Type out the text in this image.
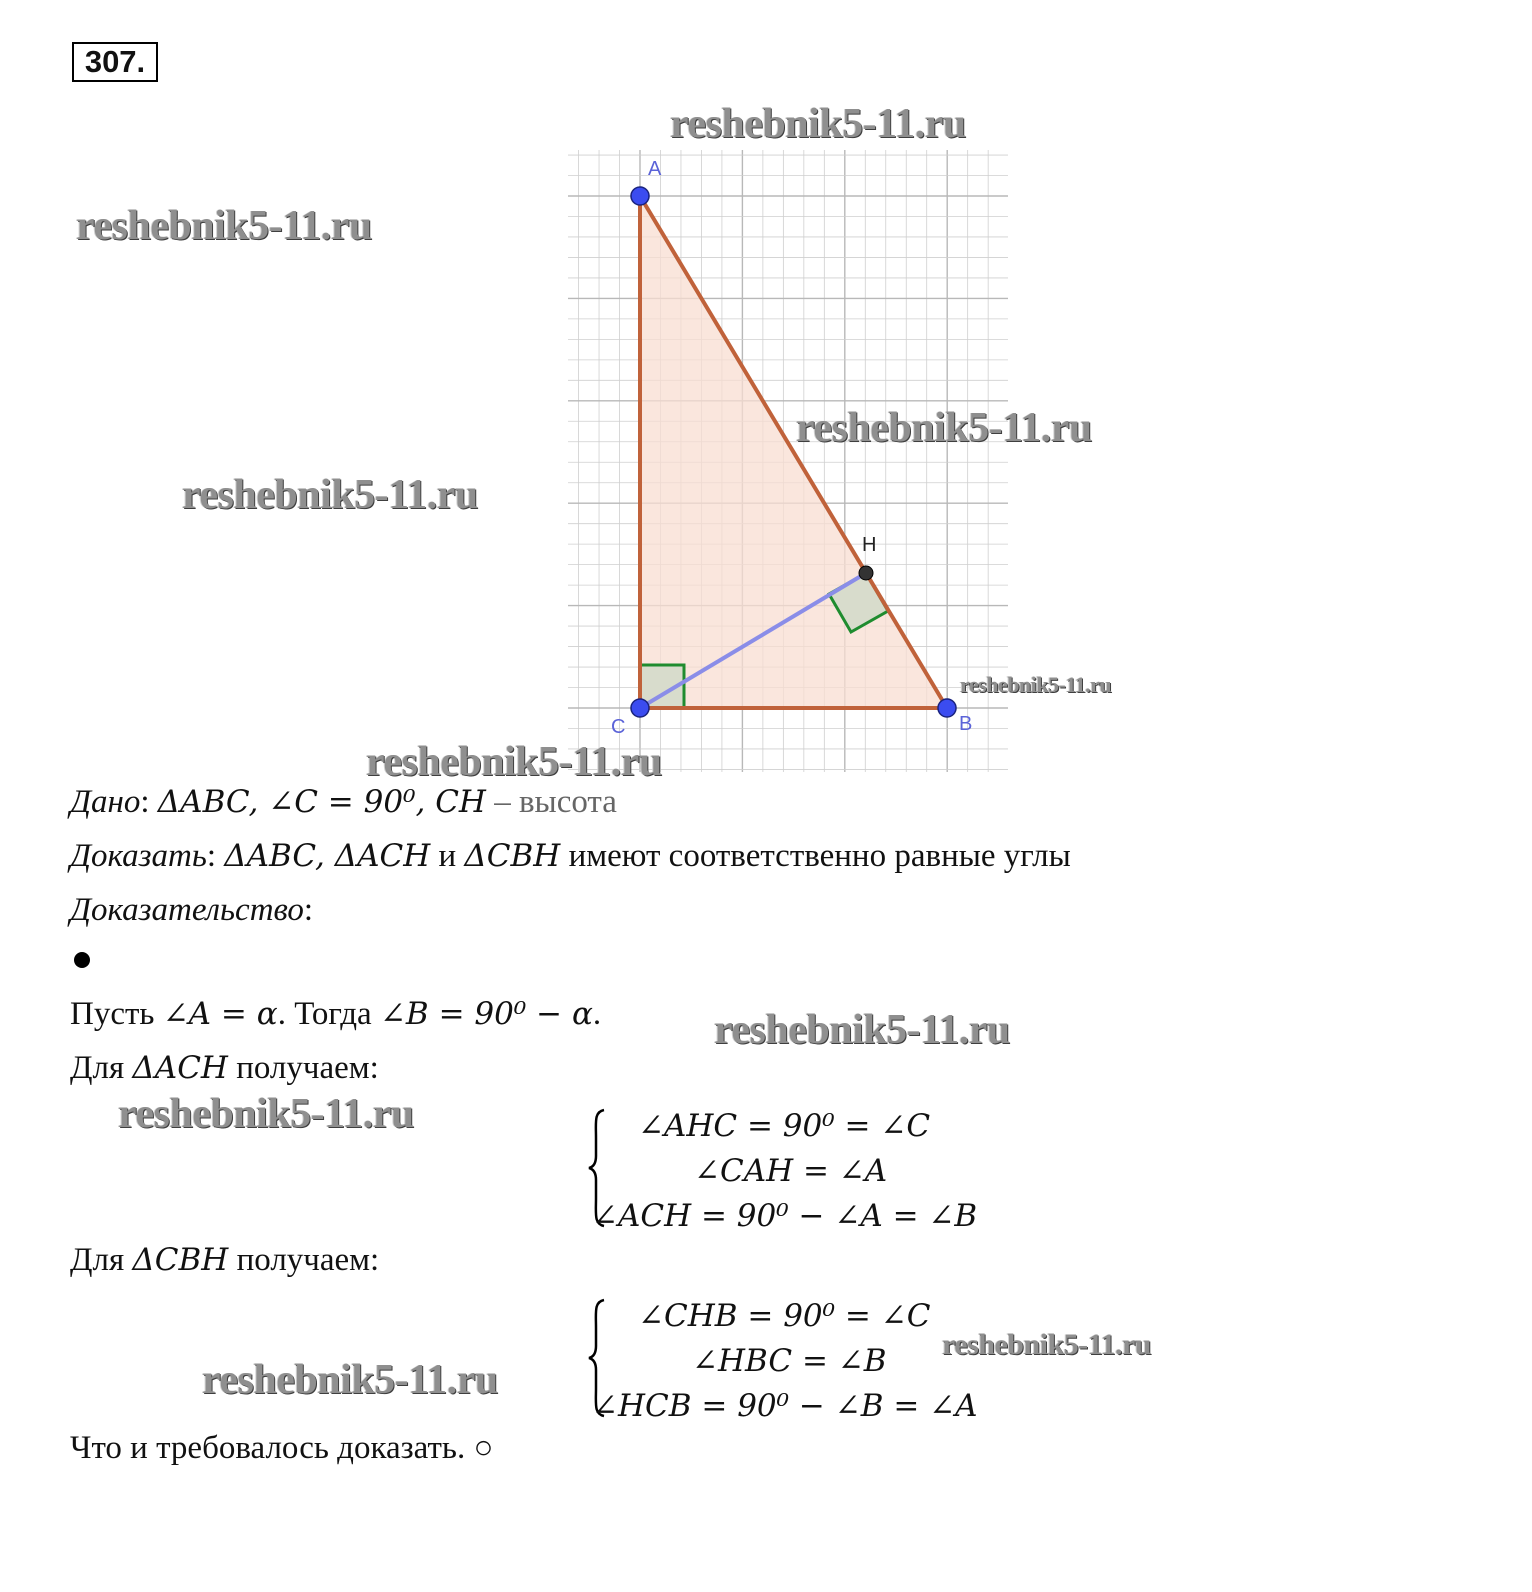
307.
A
C	B
H
reshebnik5-11.ru
reshebnik5-11.ru
reshebnik5-11.ru
reshebnik5-11.ru
reshebnik5-11.ru
reshebnik5-11.ru
reshebnik5-11.ru
reshebnik5-11.ru
reshebnik5-11.ru
reshebnik5-11.ru
Дано: ΔABC, ∠C = 90⁰, CH – высота
Доказать: ΔABC, ΔACH и ΔCBH имеют соответственно равные углы
Доказательство:
Пусть ∠A = α. Тогда ∠B = 90⁰ − α.
Для ΔACH получаем:
∠AHC = 90⁰ = ∠C
∠CAH = ∠A
∠ACH = 90⁰ − ∠A = ∠B
Для ΔCBH получаем:
∠CHB = 90⁰ = ∠C
∠HBC = ∠B
∠HCB = 90⁰ − ∠B = ∠A
Что и требовалось доказать. ○
